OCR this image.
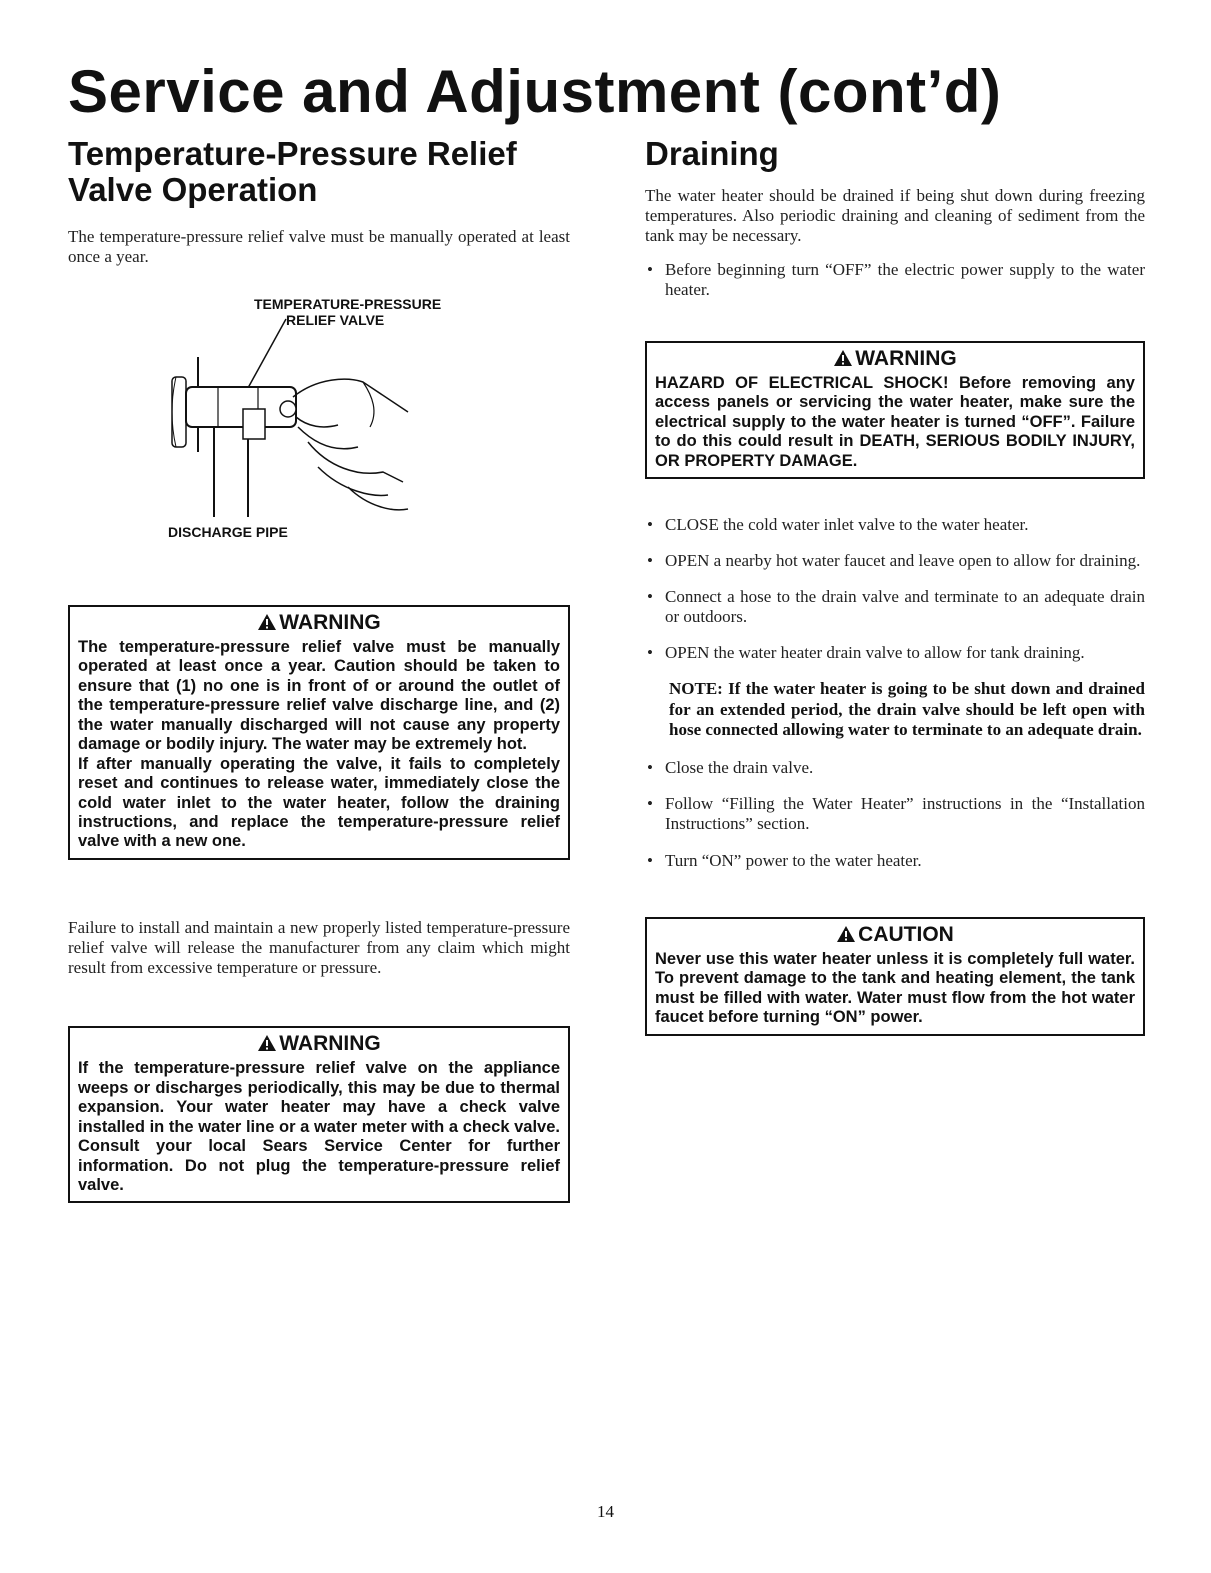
Service and Adjustment (cont’d)
Temperature-Pressure Relief Valve Operation

The temperature-pressure relief valve must be manually operated at least once a year.

TEMPERATURE-PRESSURE
RELIEF VALVE
DISCHARGE PIPE
WARNING

The temperature-pressure relief valve must be manually operated at least once a year. Caution should be taken to ensure that (1) no one is in front of or around the outlet of the temperature-pressure relief valve discharge line, and (2) the water manually discharged will not cause any property damage or bodily injury. The water may be extremely hot.

If after manually operating the valve, it fails to completely reset and continues to release water, immediately close the cold water inlet to the water heater, follow the draining instructions, and replace the temperature-pressure relief valve with a new one.

Failure to install and maintain a new properly listed temperature-pressure relief valve will release the manufacturer from any claim which might result from excessive temperature or pressure.

WARNING

If the temperature-pressure relief valve on the appliance weeps or discharges periodically, this may be due to thermal expansion. Your water heater may have a check valve installed in the water line or a water meter with a check valve. Consult your local Sears Service Center for further information. Do not plug the temperature-pressure relief valve.

Draining

The water heater should be drained if being shut down during freezing temperatures. Also periodic draining and cleaning of sediment from the tank may be necessary.

• Before beginning turn “OFF” the electric power supply to the water heater.
WARNING

HAZARD OF ELECTRICAL SHOCK! Before removing any access panels or servicing the water heater, make sure the electrical supply to the water heater is turned “OFF”. Failure to do this could result in DEATH, SERIOUS BODILY INJURY, OR PROPERTY DAMAGE.

• CLOSE the cold water inlet valve to the water heater.
• OPEN a nearby hot water faucet and leave open to allow for draining.
• Connect a hose to the drain valve and terminate to an adequate drain or outdoors.
• OPEN the water heater drain valve to allow for tank draining.

NOTE: If the water heater is going to be shut down and drained for an extended period, the drain valve should be left open with hose connected allowing water to terminate to an adequate drain.

• Close the drain valve.
• Follow “Filling the Water Heater” instructions in the “Installation Instructions” section.
• Turn “ON” power to the water heater.
CAUTION

Never use this water heater unless it is completely full water. To prevent damage to the tank and heating element, the tank must be filled with water. Water must flow from the hot water faucet before turning “ON” power.

14
